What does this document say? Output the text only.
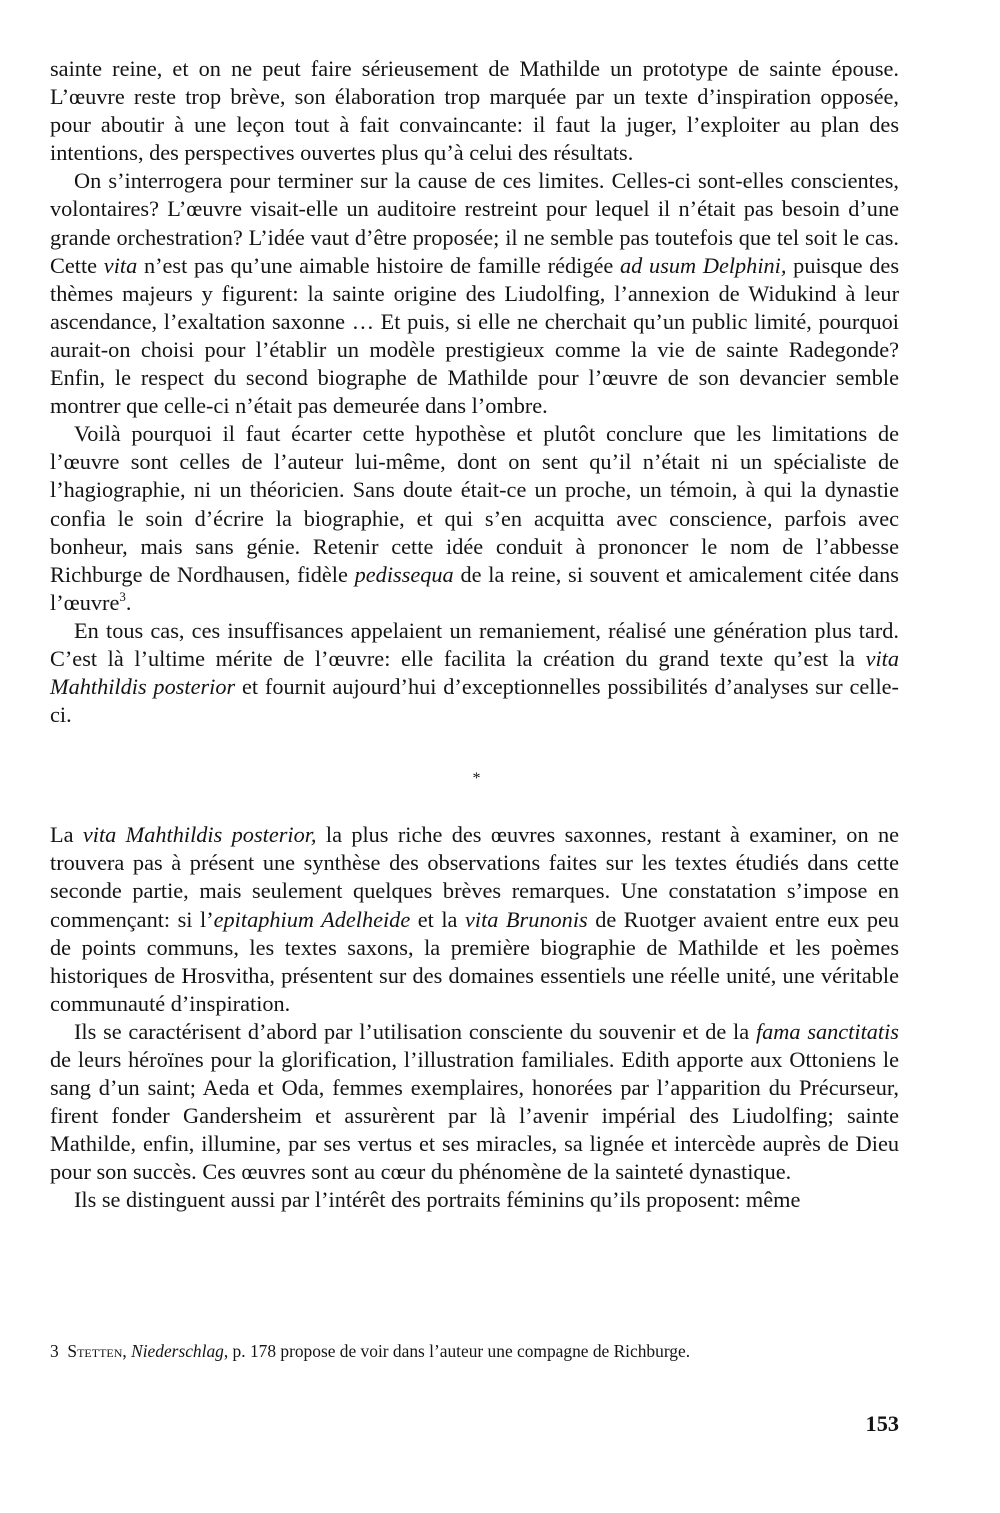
sainte reine, et on ne peut faire sérieusement de Mathilde un prototype de sainte épouse. L’œuvre reste trop brève, son élaboration trop marquée par un texte d’inspiration opposée, pour aboutir à une leçon tout à fait convaincante: il faut la juger, l’exploiter au plan des intentions, des perspectives ouvertes plus qu’à celui des résultats.

On s’interrogera pour terminer sur la cause de ces limites. Celles-ci sont-elles conscientes, volontaires? L’œuvre visait-elle un auditoire restreint pour lequel il n’était pas besoin d’une grande orchestration? L’idée vaut d’être proposée; il ne semble pas toutefois que tel soit le cas. Cette vita n’est pas qu’une aimable histoire de famille rédigée ad usum Delphini, puisque des thèmes majeurs y figurent: la sainte origine des Liudolfing, l’annexion de Widukind à leur ascendance, l’exaltation saxonne … Et puis, si elle ne cherchait qu’un public limité, pourquoi aurait-on choisi pour l’établir un modèle prestigieux comme la vie de sainte Radegonde? Enfin, le respect du second biographe de Mathilde pour l’œuvre de son devancier semble montrer que celle-ci n’était pas demeurée dans l’ombre.

Voilà pourquoi il faut écarter cette hypothèse et plutôt conclure que les limitations de l’œuvre sont celles de l’auteur lui-même, dont on sent qu’il n’était ni un spécialiste de l’hagiographie, ni un théoricien. Sans doute était-ce un proche, un témoin, à qui la dynastie confia le soin d’écrire la biographie, et qui s’en acquitta avec conscience, parfois avec bonheur, mais sans génie. Retenir cette idée conduit à prononcer le nom de l’abbesse Richburge de Nordhausen, fidèle pedissequa de la reine, si souvent et amicalement citée dans l’œuvre$^3$.

En tous cas, ces insuffisances appelaient un remaniement, réalisé une génération plus tard. C’est là l’ultime mérite de l’œuvre: elle facilita la création du grand texte qu’est la vita Mahthildis posterior et fournit aujourd’hui d’exceptionnelles possibilités d’analyses sur celle-ci.

*

La vita Mahthildis posterior, la plus riche des œuvres saxonnes, restant à examiner, on ne trouvera pas à présent une synthèse des observations faites sur les textes étudiés dans cette seconde partie, mais seulement quelques brèves remarques. Une constatation s’impose en commençant: si l’epitaphium Adelheide et la vita Brunonis de Ruotger avaient entre eux peu de points communs, les textes saxons, la première biographie de Mathilde et les poèmes historiques de Hrosvitha, présentent sur des domaines essentiels une réelle unité, une véritable communauté d’inspiration.

Ils se caractérisent d’abord par l’utilisation consciente du souvenir et de la fama sanctitatis de leurs héroïnes pour la glorification, l’illustration familiales. Edith apporte aux Ottoniens le sang d’un saint; Aeda et Oda, femmes exemplaires, honorées par l’apparition du Précurseur, firent fonder Gandersheim et assurèrent par là l’avenir impérial des Liudolfing; sainte Mathilde, enfin, illumine, par ses vertus et ses miracles, sa lignée et intercède auprès de Dieu pour son succès. Ces œuvres sont au cœur du phénomène de la sainteté dynastique.

Ils se distinguent aussi par l’intérêt des portraits féminins qu’ils proposent: même

3 Stetten, Niederschlag, p. 178 propose de voir dans l’auteur une compagne de Richburge.
153
